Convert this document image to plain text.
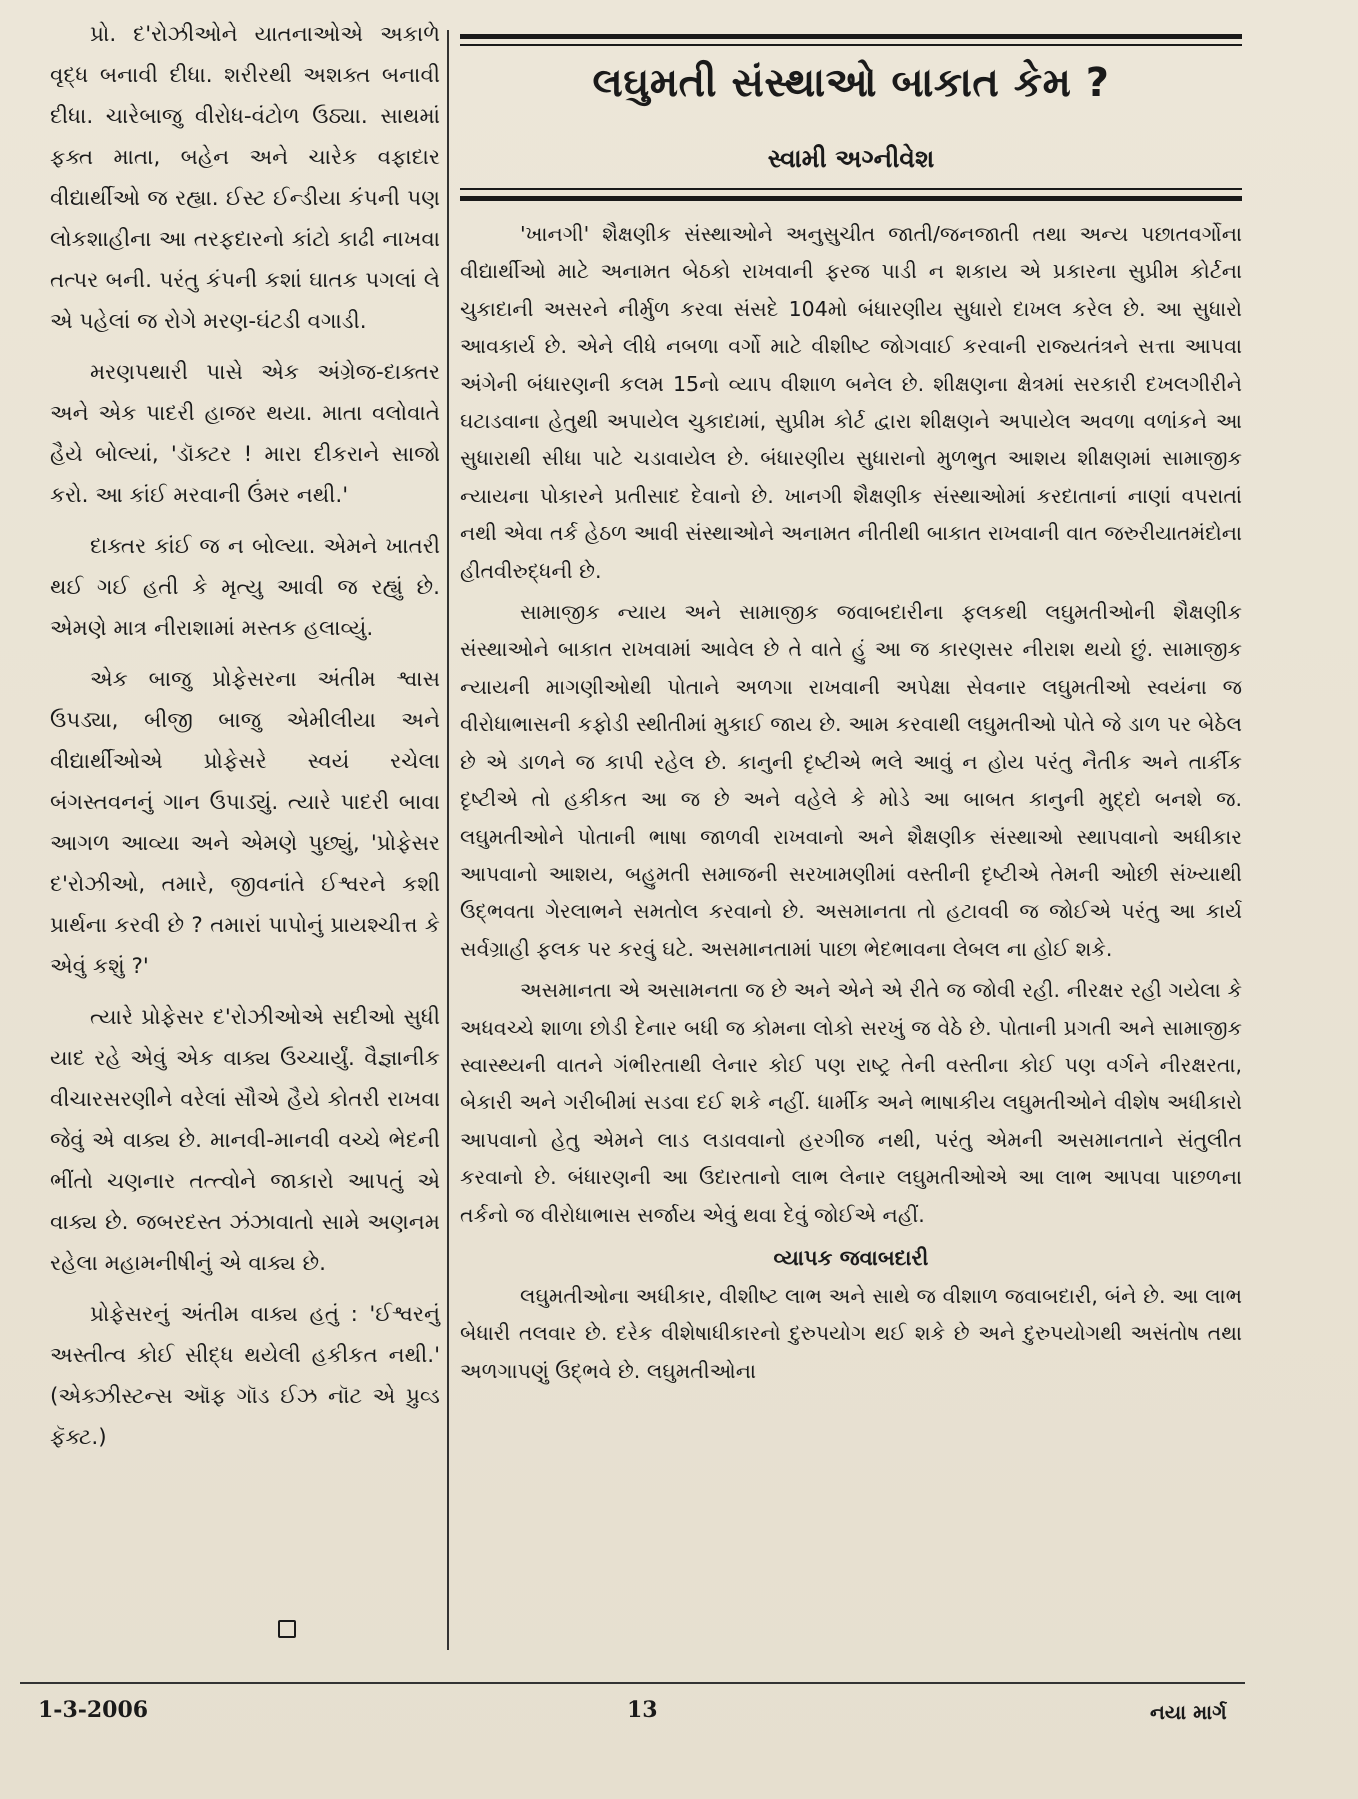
પ્રો. દ'રોઝીઓને યાતનાઓએ અકાળે વૃદ્ધ બનાવી દીધા. શરીરથી અશક્ત બનાવી દીધા. ચારેબાજુ વીરોધ-વંટોળ ઉઠ્યા. સાથમાં ફક્ત માતા, બહેન અને ચારેક વફાદાર વીદ્યાર્થીઓ જ રહ્યા. ઈસ્ટ ઈન્ડીયા કંપની પણ લોકશાહીના આ તરફદારનો કાંટો કાઢી નાખવા તત્પર બની. પરંતુ કંપની કશાં ઘાતક પગલાં લે એ પહેલાં જ રોગે મરણ-ઘંટડી વગાડી.

મરણપથારી પાસે એક અંગ્રેજ-દાક્તર અને એક પાદરી હાજર થયા. માતા વલોવાતે હૈયે બોલ્યાં, 'ડૉક્ટર ! મારા દીકરાને સાજો કરો. આ કાંઈ મરવાની ઉંમર નથી.'

દાક્તર કાંઈ જ ન બોલ્યા. એમને ખાતરી થઈ ગઈ હતી કે મૃત્યુ આવી જ રહ્યું છે. એમણે માત્ર નીરાશામાં મસ્તક હલાવ્યું.

એક બાજુ પ્રોફેસરના અંતીમ શ્વાસ ઉપડ્યા, બીજી બાજુ એમીલીયા અને વીદ્યાર્થીઓએ પ્રોફેસરે સ્વયં રચેલા બંગસ્તવનનું ગાન ઉપાડ્યું. ત્યારે પાદરી બાવા આગળ આવ્યા અને એમણે પુછ્યું, 'પ્રોફેસર દ'રોઝીઓ, તમારે, જીવનાંતે ઈશ્વરને કશી પ્રાર્થના કરવી છે ? તમારાં પાપોનું પ્રાયશ્ચીત્ત કે એવું કશું ?'

ત્યારે પ્રોફેસર દ'રોઝીઓએ સદીઓ સુધી યાદ રહે એવું એક વાક્ય ઉચ્ચાર્યું. વૈજ્ઞાનીક વીચારસરણીને વરેલાં સૌએ હૈયે કોતરી રાખવા જેવું એ વાક્ય છે. માનવી-માનવી વચ્ચે ભેદની ભીંતો ચણનાર તત્ત્વોને જાકારો આપતું એ વાક્ય છે. જબરદસ્ત ઝંઝાવાતો સામે અણનમ રહેલા મહામનીષીનું એ વાક્ય છે.

પ્રોફેસરનું અંતીમ વાક્ય હતું : 'ઈશ્વરનું અસ્તીત્વ કોઈ સીદ્ધ થયેલી હકીકત નથી.' (એક્ઝીસ્ટન્સ ઑફ ગૉડ ઈઝ નૉટ એ પ્રુવ્ડ ફૅક્ટ.)

લઘુમતી સંસ્થાઓ બાકાત કેમ ?
સ્વામી અગ્નીવેશ

'ખાનગી' શૈક્ષણીક સંસ્થાઓને અનુસુચીત જાતી/જનજાતી તથા અન્ય પછાતવર્ગોના વીદ્યાર્થીઓ માટે અનામત બેઠકો રાખવાની ફરજ પાડી ન શકાય એ પ્રકારના સુપ્રીમ કોર્ટના ચુકાદાની અસરને નીર્મુળ કરવા સંસદે 104મો બંધારણીય સુધારો દાખલ કરેલ છે. આ સુધારો આવકાર્ય છે. એને લીધે નબળા વર્ગો માટે વીશીષ્ટ જોગવાઈ કરવાની રાજ્યતંત્રને સત્તા આપવા અંગેની બંધારણની કલમ 15નો વ્યાપ વીશાળ બનેલ છે. શીક્ષણના ક્ષેત્રમાં સરકારી દખલગીરીને ઘટાડવાના હેતુથી અપાયેલ ચુકાદામાં, સુપ્રીમ કોર્ટ દ્વારા શીક્ષણને અપાયેલ અવળા વળાંકને આ સુધારાથી સીધા પાટે ચડાવાયેલ છે. બંધારણીય સુધારાનો મુળભુત આશય શીક્ષણમાં સામાજીક ન્યાયના પોકારને પ્રતીસાદ દેવાનો છે. ખાનગી શૈક્ષણીક સંસ્થાઓમાં કરદાતાનાં નાણાં વપરાતાં નથી એવા તર્ક હેઠળ આવી સંસ્થાઓને અનામત નીતીથી બાકાત રાખવાની વાત જરુરીયાતમંદોના હીતવીરુદ્ધની છે.

સામાજીક ન્યાય અને સામાજીક જવાબદારીના ફલકથી લઘુમતીઓની શૈક્ષણીક સંસ્થાઓને બાકાત રાખવામાં આવેલ છે તે વાતે હું આ જ કારણસર નીરાશ થયો છું. સામાજીક ન્યાયની માગણીઓથી પોતાને અળગા રાખવાની અપેક્ષા સેવનાર લઘુમતીઓ સ્વયંના જ વીરોધાભાસની કફોડી સ્થીતીમાં મુકાઈ જાય છે. આમ કરવાથી લઘુમતીઓ પોતે જે ડાળ પર બેઠેલ છે એ ડાળને જ કાપી રહેલ છે. કાનુની દૃષ્ટીએ ભલે આવું ન હોય પરંતુ નૈતીક અને તાર્કીક દૃષ્ટીએ તો હકીકત આ જ છે અને વહેલે કે મોડે આ બાબત કાનુની મુદ્દો બનશે જ. લઘુમતીઓને પોતાની ભાષા જાળવી રાખવાનો અને શૈક્ષણીક સંસ્થાઓ સ્થાપવાનો અધીકાર આપવાનો આશય, બહુમતી સમાજની સરખામણીમાં વસ્તીની દૃષ્ટીએ તેમની ઓછી સંખ્યાથી ઉદ્ભવતા ગેરલાભને સમતોલ કરવાનો છે. અસમાનતા તો હટાવવી જ જોઈએ પરંતુ આ કાર્ય સર્વગ્રાહી ફલક પર કરવું ઘટે. અસમાનતામાં પાછા ભેદભાવના લેબલ ના હોઈ શકે.

અસમાનતા એ અસામનતા જ છે અને એને એ રીતે જ જોવી રહી. નીરક્ષર રહી ગયેલા કે અધવચ્ચે શાળા છોડી દેનાર બધી જ કોમના લોકો સરખું જ વેઠે છે. પોતાની પ્રગતી અને સામાજીક સ્વાસ્થ્યની વાતને ગંભીરતાથી લેનાર કોઈ પણ રાષ્ટ્ર તેની વસ્તીના કોઈ પણ વર્ગને નીરક્ષરતા, બેકારી અને ગરીબીમાં સડવા દઈ શકે નહીં. ધાર્મીક અને ભાષાકીય લઘુમતીઓને વીશેષ અધીકારો આપવાનો હેતુ એમને લાડ લડાવવાનો હરગીજ નથી, પરંતુ એમની અસમાનતાને સંતુલીત કરવાનો છે. બંધારણની આ ઉદારતાનો લાભ લેનાર લઘુમતીઓએ આ લાભ આપવા પાછળના તર્કનો જ વીરોધાભાસ સર્જાય એવું થવા દેવું જોઈએ નહીં.

વ્યાપક જવાબદારી

લઘુમતીઓના અધીકાર, વીશીષ્ટ લાભ અને સાથે જ વીશાળ જવાબદારી, બંને છે. આ લાભ બેધારી તલવાર છે. દરેક વીશેષાધીકારનો દુરુપયોગ થઈ શકે છે અને દુરુપયોગથી અસંતોષ તથા અળગાપણું ઉદ્ભવે છે. લઘુમતીઓના

1-3-2006	13	નયા માર્ગ
